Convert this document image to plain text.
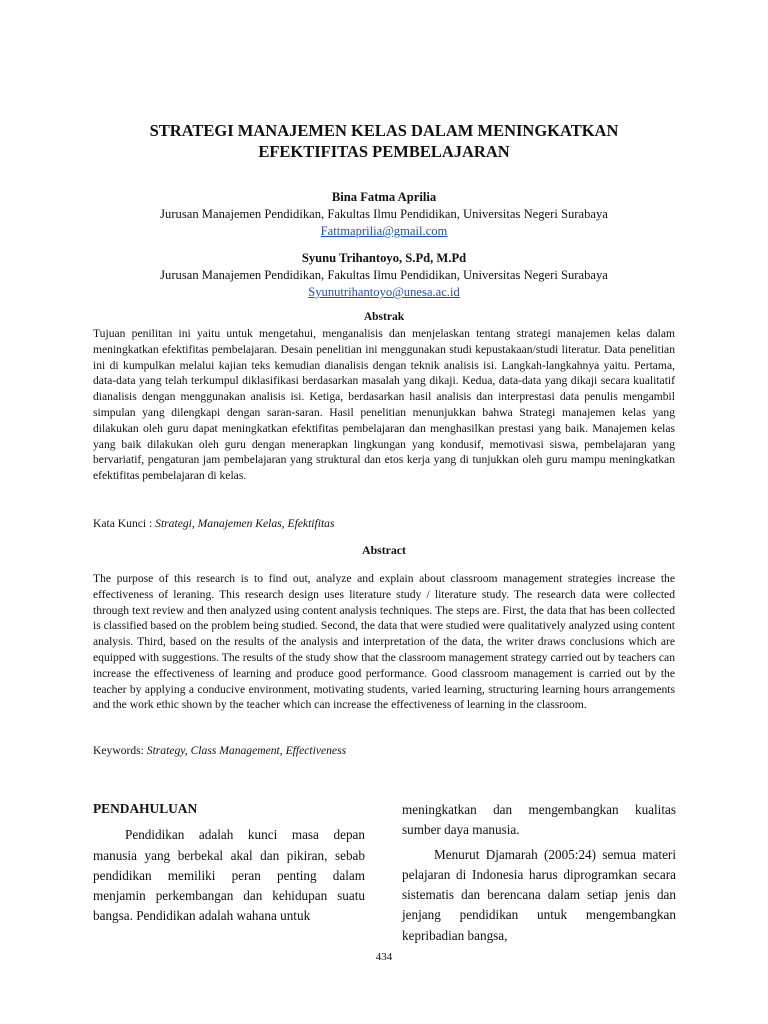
STRATEGI MANAJEMEN KELAS DALAM MENINGKATKAN
EFEKTIFITAS PEMBELAJARAN
Bina Fatma Aprilia
Jurusan Manajemen Pendidikan, Fakultas Ilmu Pendidikan, Universitas Negeri Surabaya
Fattmaprilia@gmail.com
Syunu Trihantoyo, S.Pd, M.Pd
Jurusan Manajemen Pendidikan, Fakultas Ilmu Pendidikan, Universitas Negeri Surabaya
Syunutrihantoyo@unesa.ac.id
Abstrak
Tujuan penilitan ini yaitu untuk mengetahui, menganalisis dan menjelaskan tentang strategi manajemen kelas dalam meningkatkan efektifitas pembelajaran. Desain penelitian ini menggunakan studi kepustakaan/studi literatur. Data penelitian ini di kumpulkan melalui kajian teks kemudian dianalisis dengan teknik analisis isi. Langkah-langkahnya yaitu. Pertama, data-data yang telah terkumpul diklasifikasi berdasarkan masalah yang dikaji. Kedua, data-data yang dikaji secara kualitatif dianalisis dengan menggunakan analisis isi. Ketiga, berdasarkan hasil analisis dan interprestasi data penulis mengambil simpulan yang dilengkapi dengan saran-saran. Hasil penelitian menunjukkan bahwa Strategi manajemen kelas yang dilakukan oleh guru dapat meningkatkan efektifitas pembelajaran dan menghasilkan prestasi yang baik. Manajemen kelas yang baik dilakukan oleh guru dengan menerapkan lingkungan yang kondusif, memotivasi siswa, pembelajaran yang bervariatif, pengaturan jam pembelajaran yang struktural dan etos kerja yang di tunjukkan oleh guru mampu meningkatkan efektifitas pembelajaran di kelas.
Kata Kunci : Strategi, Manajemen Kelas, Efektifitas
Abstract
The purpose of this research is to find out, analyze and explain about classroom management strategies increase the effectiveness of leraning. This research design uses literature study / literature study. The research data were collected through text review and then analyzed using content analysis techniques. The steps are. First, the data that has been collected is classified based on the problem being studied. Second, the data that were studied were qualitatively analyzed using content analysis. Third, based on the results of the analysis and interpretation of the data, the writer draws conclusions which are equipped with suggestions. The results of the study show that the classroom management strategy carried out by teachers can increase the effectiveness of learning and produce good performance. Good classroom management is carried out by the teacher by applying a conducive environment, motivating students, varied learning, structuring learning hours arrangements and the work ethic shown by the teacher which can increase the effectiveness of learning in the classroom.
Keywords: Strategy, Class Management, Effectiveness
PENDAHULUAN
Pendidikan adalah kunci masa depan manusia yang berbekal akal dan pikiran, sebab pendidikan memiliki peran penting dalam menjamin perkembangan dan kehidupan suatu bangsa. Pendidikan adalah wahana untuk
meningkatkan dan mengembangkan kualitas sumber daya manusia.
Menurut Djamarah (2005:24) semua materi pelajaran di Indonesia harus diprogramkan secara sistematis dan berencana dalam setiap jenis dan jenjang pendidikan untuk mengembangkan kepribadian bangsa,
434
